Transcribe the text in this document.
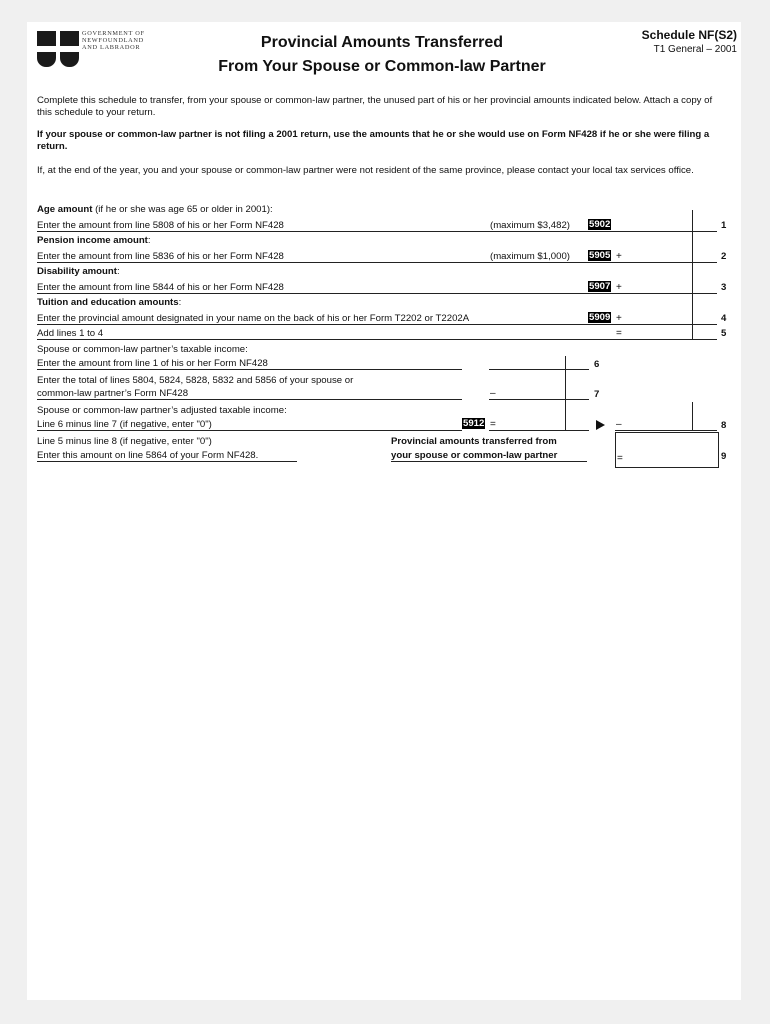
GOVERNMENT OF
NEWFOUNDLAND
AND LABRADOR	Provincial Amounts Transferred
From Your Spouse or Common-law Partner
Schedule NF(S2)
T1 General – 2001
Complete this schedule to transfer, from your spouse or common-law partner, the unused part of his or her provincial amounts indicated below. Attach a copy of this schedule to your return.
If your spouse or common-law partner is not filing a 2001 return, use the amounts that he or she would use on Form NF428 if he or she were filing a return.
If, at the end of the year, you and your spouse or common-law partner were not resident of the same province, please contact your local tax services office.
Age amount (if he or she was age 65 or older in 2001):
Enter the amount from line 5808 of his or her Form NF428	(maximum $3,482) 5902	1
Pension income amount:
Enter the amount from line 5836 of his or her Form NF428	(maximum $1,000) 5905 +	2
Disability amount:
Enter the amount from line 5844 of his or her Form NF428	5907 +	3
Tuition and education amounts:
Enter the provincial amount designated in your name on the back of his or her Form T2202 or T2202A	5909 +	4
Add lines 1 to 4	=	5
Spouse or common-law partner’s taxable income:
Enter the amount from line 1 of his or her Form NF428	6
Enter the total of lines 5804, 5824, 5828, 5832 and 5856 of your spouse or
common-law partner’s Form NF428	–	7
Spouse or common-law partner’s adjusted taxable income:
Line 6 minus line 7 (if negative, enter "0")	5912 =	–	8
Line 5 minus line 8 (if negative, enter "0")
Enter this amount on line 5864 of your Form NF428.
Provincial amounts transferred from
your spouse or common-law partner	=	9
